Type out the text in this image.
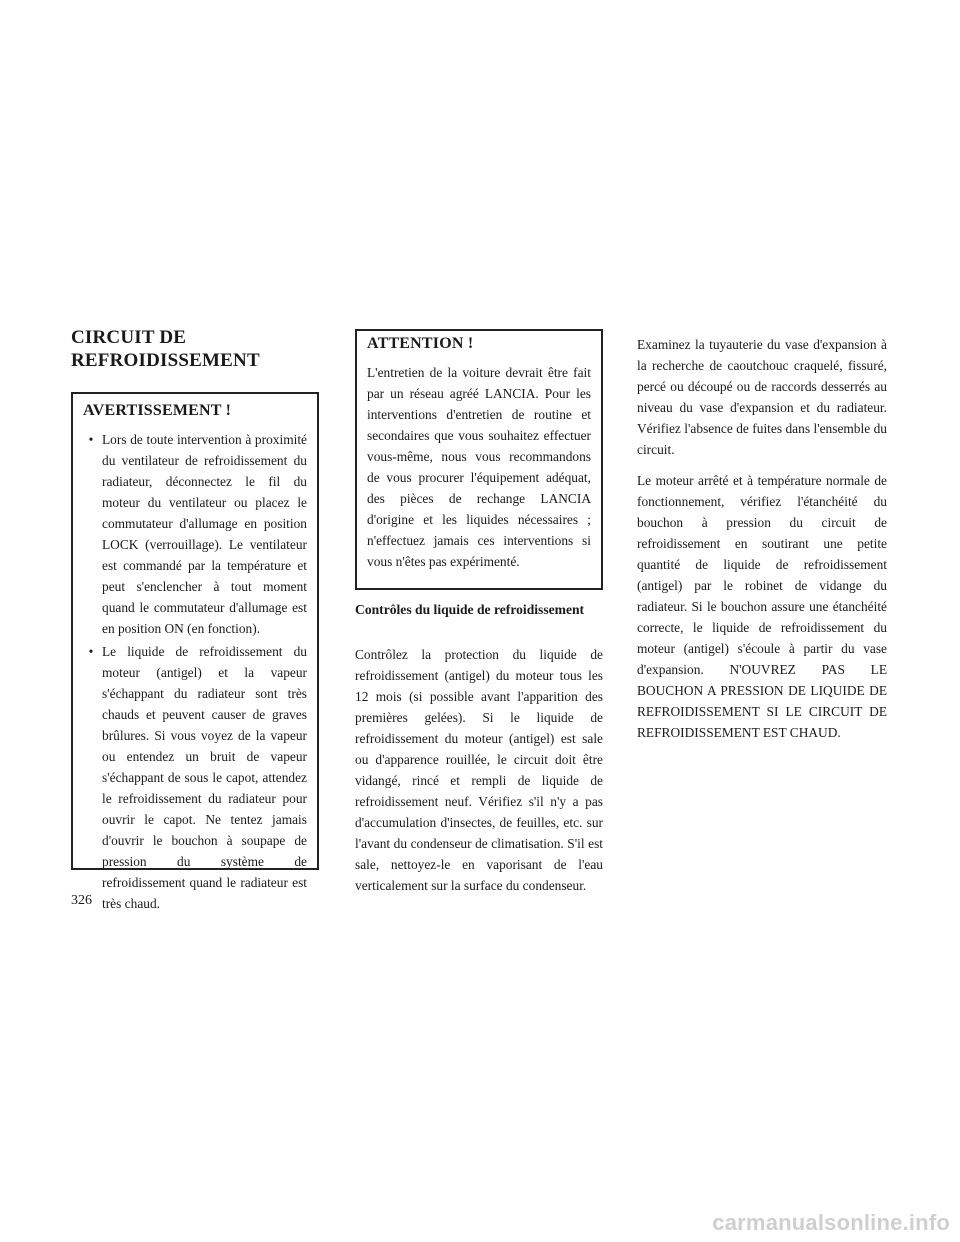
CIRCUIT DE REFROIDISSEMENT
AVERTISSEMENT !
• Lors de toute intervention à proximité du ventilateur de refroidissement du radiateur, déconnectez le fil du moteur du ventilateur ou placez le commutateur d'allumage en position LOCK (verrouillage). Le ventilateur est commandé par la température et peut s'enclencher à tout moment quand le commutateur d'allumage est en position ON (en fonction).
• Le liquide de refroidissement du moteur (antigel) et la vapeur s'échappant du radiateur sont très chauds et peuvent causer de graves brûlures. Si vous voyez de la vapeur ou entendez un bruit de vapeur s'échappant de sous le capot, attendez le refroidissement du radiateur pour ouvrir le capot. Ne tentez jamais d'ouvrir le bouchon à soupape de pression du système de refroidissement quand le radiateur est très chaud.
ATTENTION !

L'entretien de la voiture devrait être fait par un réseau agréé LANCIA. Pour les interventions d'entretien de routine et secondaires que vous souhaitez effectuer vous-même, nous vous recommandons de vous procurer l'équipement adéquat, des pièces de rechange LANCIA d'origine et les liquides nécessaires ; n'effectuez jamais ces interventions si vous n'êtes pas expérimenté.

Contrôles du liquide de refroidissement

Contrôlez la protection du liquide de refroidissement (antigel) du moteur tous les 12 mois (si possible avant l'apparition des premières gelées). Si le liquide de refroidissement du moteur (antigel) est sale ou d'apparence rouillée, le circuit doit être vidangé, rincé et rempli de liquide de refroidissement neuf. Vérifiez s'il n'y a pas d'accumulation d'insectes, de feuilles, etc. sur l'avant du condenseur de climatisation. S'il est sale, nettoyez-le en vaporisant de l'eau verticalement sur la surface du condenseur.

Examinez la tuyauterie du vase d'expansion à la recherche de caoutchouc craquelé, fissuré, percé ou découpé ou de raccords desserrés au niveau du vase d'expansion et du radiateur. Vérifiez l'absence de fuites dans l'ensemble du circuit.

Le moteur arrêté et à température normale de fonctionnement, vérifiez l'étanchéité du bouchon à pression du circuit de refroidissement en soutirant une petite quantité de liquide de refroidissement (antigel) par le robinet de vidange du radiateur. Si le bouchon assure une étanchéité correcte, le liquide de refroidissement du moteur (antigel) s'écoule à partir du vase d'expansion. N'OUVREZ PAS LE BOUCHON A PRESSION DE LIQUIDE DE REFROIDISSEMENT SI LE CIRCUIT DE REFROIDISSEMENT EST CHAUD.

326
carmanualsonline.info
